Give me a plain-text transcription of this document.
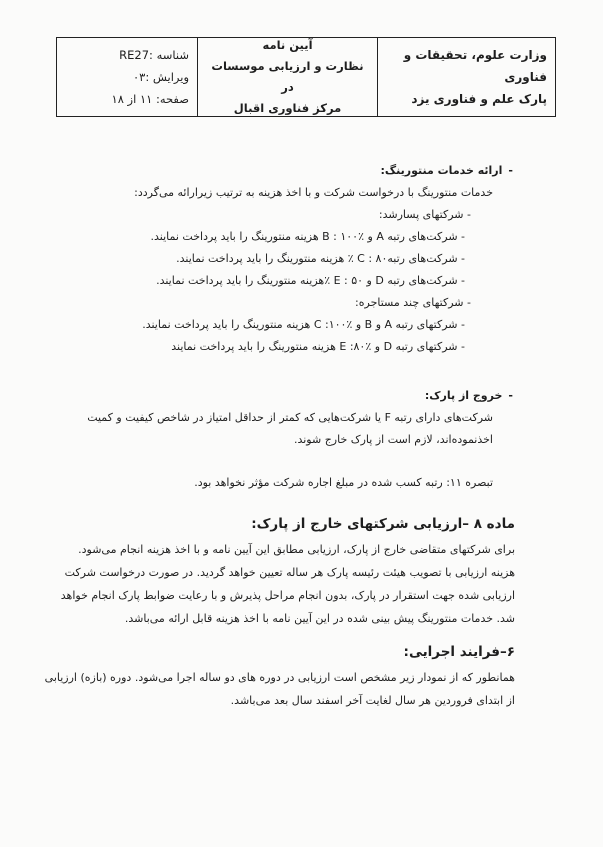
وزارت علوم، تحقیقات و فناوری
پارک علم و فناوری یزد
آیین نامه
نظارت و ارزیابی موسسات در
مرکز فناوری اقبال
شناسه :RE27
ویرایش :۰۳
صفحه: ۱۱ از ۱۸
-ارائه خدمات منتورینگ:
خدمات منتورینگ با درخواست شرکت و با اخذ هزینه به ترتیب زیرارائه می‌گردد:
- شرکتهای پسارشد:
- شرکت‌های رتبه A و B : ۱۰۰٪ هزینه منتورینگ را باید پرداخت نمایند.
- شرکت‌های رتبهC : ۸۰ ٪ هزینه منتورینگ را باید پرداخت نمایند.
- شرکت‌های رتبه D و E : ۵۰ ٪هزینه منتورینگ را باید پرداخت نمایند.
- شرکتهای چند مستاجره:
- شرکتهای رتبه A و B و C :۱۰۰٪ هزینه منتورینگ را باید پرداخت نمایند.
- شرکتهای رتبه D و E :۸۰٪ هزینه منتورینگ را باید پرداخت نمایند
-خروج از پارک:
شرکت‌های دارای رتبه F یا شرکت‌هایی که کمتر از حداقل امتیاز در شاخص کیفیت و کمیت
اخذنموده‌اند، لازم است از پارک خارج شوند.
تبصره ۱۱: رتبه کسب شده در مبلغ اجاره شرکت مؤثر نخواهد بود.
ماده ۸ –ارزیابی شرکتهای خارج از پارک:
برای شرکتهای متقاضی خارج از پارک، ارزیابی مطابق این آیین نامه و با اخذ هزینه انجام می‌شود.
هزینه ارزیابی با تصویب هیئت رئیسه پارک هر ساله تعیین خواهد گردید. در صورت درخواست شرکت
ارزیابی شده جهت استقرار در پارک، بدون انجام مراحل پذیرش و با رعایت ضوابط پارک انجام خواهد
شد. خدمات منتورینگ پیش بینی شده در این آیین نامه با اخذ هزینه قابل ارائه می‌باشد.
۶–فرایند اجرایی:
همانطور که از نمودار زیر مشخص است ارزیابی در دوره های دو ساله اجرا می‌شود. دوره (بازه) ارزیابی
از ابتدای فروردین هر سال لغایت آخر اسفند سال بعد می‌باشد.
